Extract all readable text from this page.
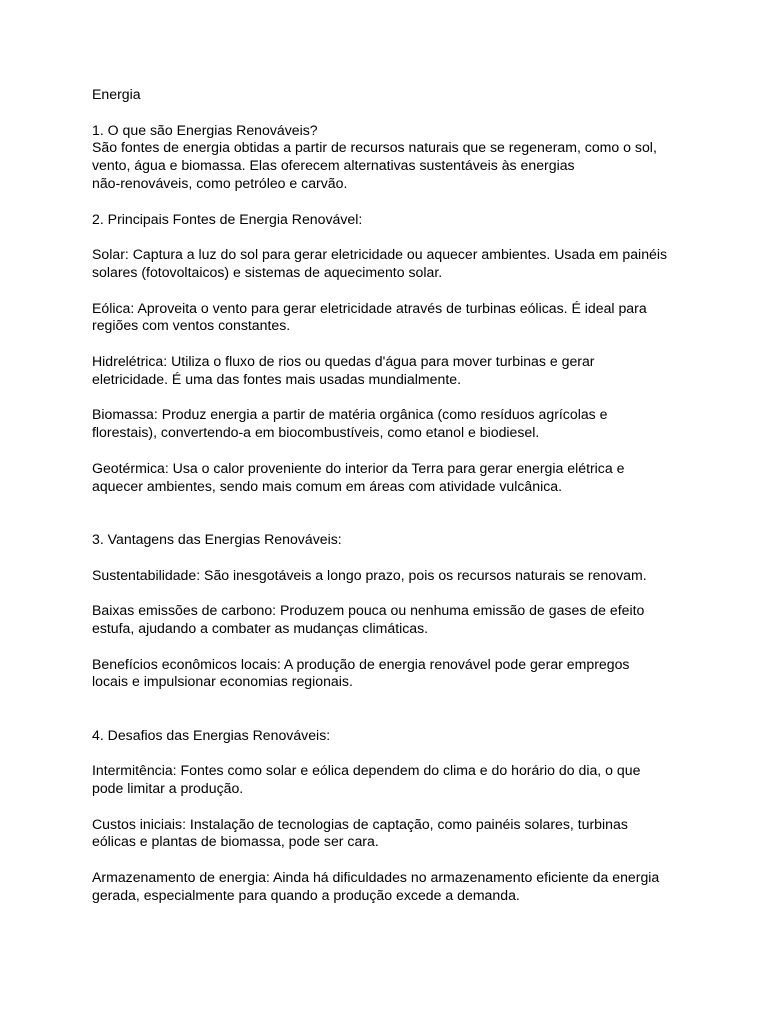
Energia

1. O que são Energias Renováveis?

São fontes de energia obtidas a partir de recursos naturais que se regeneram, como o sol,

vento, água e biomassa. Elas oferecem alternativas sustentáveis às energias

não-renováveis, como petróleo e carvão.

2. Principais Fontes de Energia Renovável:

Solar: Captura a luz do sol para gerar eletricidade ou aquecer ambientes. Usada em painéis

solares (fotovoltaicos) e sistemas de aquecimento solar.

Eólica: Aproveita o vento para gerar eletricidade através de turbinas eólicas. É ideal para

regiões com ventos constantes.

Hidrelétrica: Utiliza o fluxo de rios ou quedas d'água para mover turbinas e gerar

eletricidade. É uma das fontes mais usadas mundialmente.

Biomassa: Produz energia a partir de matéria orgânica (como resíduos agrícolas e

florestais), convertendo-a em biocombustíveis, como etanol e biodiesel.

Geotérmica: Usa o calor proveniente do interior da Terra para gerar energia elétrica e

aquecer ambientes, sendo mais comum em áreas com atividade vulcânica.

3. Vantagens das Energias Renováveis:

Sustentabilidade: São inesgotáveis a longo prazo, pois os recursos naturais se renovam.

Baixas emissões de carbono: Produzem pouca ou nenhuma emissão de gases de efeito

estufa, ajudando a combater as mudanças climáticas.

Benefícios econômicos locais: A produção de energia renovável pode gerar empregos

locais e impulsionar economias regionais.

4. Desafios das Energias Renováveis:

Intermitência: Fontes como solar e eólica dependem do clima e do horário do dia, o que

pode limitar a produção.

Custos iniciais: Instalação de tecnologias de captação, como painéis solares, turbinas

eólicas e plantas de biomassa, pode ser cara.

Armazenamento de energia: Ainda há dificuldades no armazenamento eficiente da energia

gerada, especialmente para quando a produção excede a demanda.
